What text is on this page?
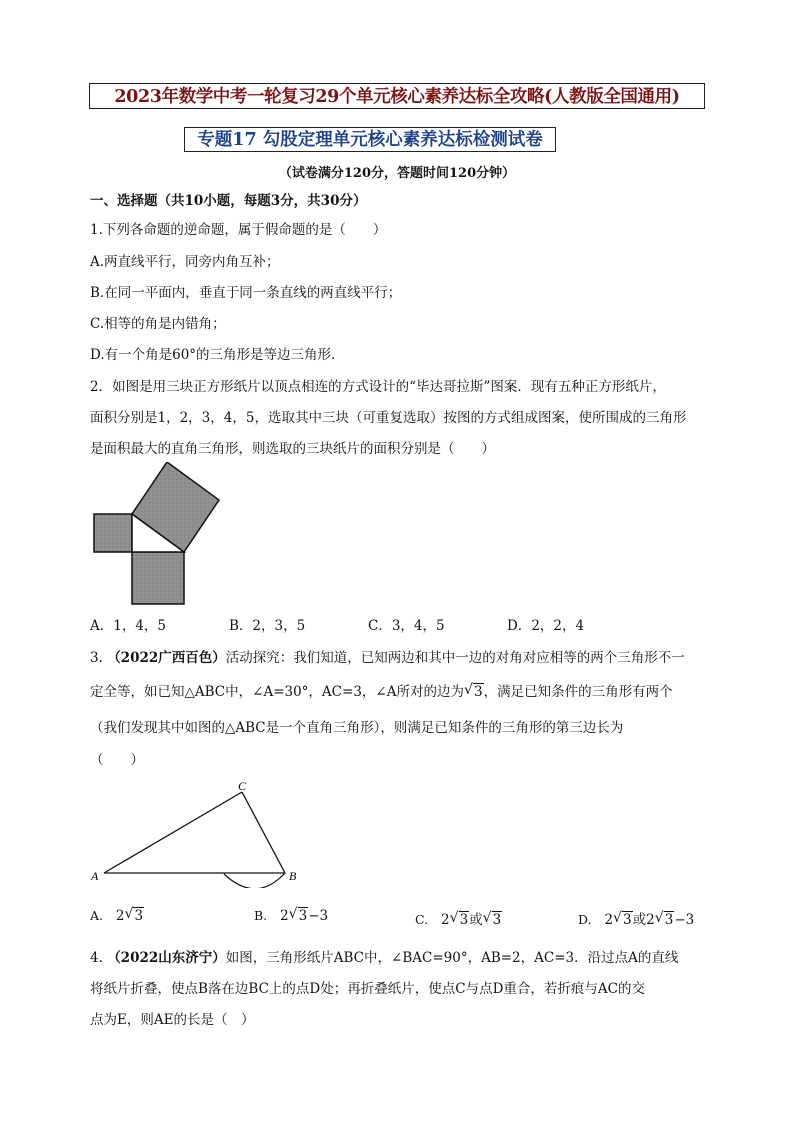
2023年数学中考一轮复习29个单元核心素养达标全攻略(人教版全国通用)
专题17 勾股定理单元核心素养达标检测试卷
（试卷满分120分，答题时间120分钟）
一、选择题（共10小题，每题3分，共30分）
1.下列各命题的逆命题，属于假命题的是（　　）
A.两直线平行，同旁内角互补；
B.在同一平面内，垂直于同一条直线的两直线平行；
C.相等的角是内错角；
D.有一个角是60°的三角形是等边三角形.
2．如图是用三块正方形纸片以顶点相连的方式设计的“毕达哥拉斯”图案．现有五种正方形纸片，
面积分别是1，2，3，4，5，选取其中三块（可重复选取）按图的方式组成图案，使所围成的三角形
是面积最大的直角三角形，则选取的三块纸片的面积分别是（　　）
A．1，4，5	B．2，3，5	C．3，4，5	D．2，2，4
3. （2022广西百色）活动探究：我们知道，已知两边和其中一边的对角对应相等的两个三角形不一
定全等，如已知△ABC中，∠A=30°，AC=3，∠A所对的边为 √ 3，满足已知条件的三角形有两个
（我们发现其中如图的△ABC是一个直角三角形），则满足已知条件的三角形的第三边长为
（　　）
A	B
C
A. 2 √ 3	B. 2 √ 3−3	C. 2 √ 3或 √ 3	D. 2 √ 3或2 √ 3−3
4. （2022山东济宁）如图，三角形纸片ABC中，∠BAC=90°，AB=2，AC=3．沿过点A的直线
将纸片折叠，使点B落在边BC上的点D处；再折叠纸片，使点C与点D重合，若折痕与AC的交
点为E，则AE的长是（　）
